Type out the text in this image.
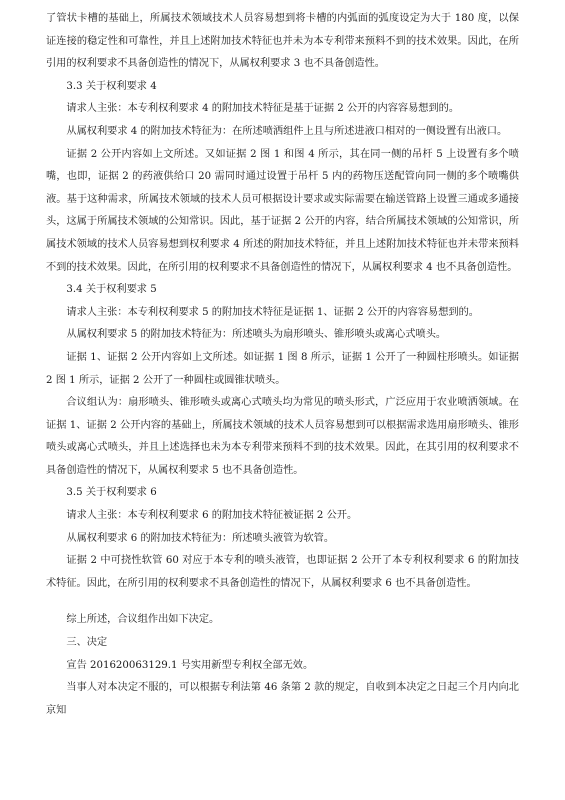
了管状卡槽的基础上，所属技术领域技术人员容易想到将卡槽的内弧面的弧度设定为大于 180 度，以保证连接的稳定性和可靠性，并且上述附加技术特征也并未为本专利带来预料不到的技术效果。因此，在所引用的权利要求不具备创造性的情况下，从属权利要求 3 也不具备创造性。

3.3 关于权利要求 4

请求人主张：本专利权利要求 4 的附加技术特征是基于证据 2 公开的内容容易想到的。

从属权利要求 4 的附加技术特征为：在所述喷洒组件上且与所述进液口相对的一侧设置有出液口。

证据 2 公开内容如上文所述。又如证据 2 图 1 和图 4 所示，其在同一侧的吊杆 5 上设置有多个喷嘴，也即，证据 2 的药液供给口 20 需同时通过设置于吊杆 5 内的药物压送配管向同一侧的多个喷嘴供液。基于这种需求，所属技术领域的技术人员可根据设计要求或实际需要在输送管路上设置三通或多通接头，这属于所属技术领域的公知常识。因此，基于证据 2 公开的内容，结合所属技术领域的公知常识，所属技术领域的技术人员容易想到权利要求 4 所述的附加技术特征，并且上述附加技术特征也并未带来预料不到的技术效果。因此，在所引用的权利要求不具备创造性的情况下，从属权利要求 4 也不具备创造性。

3.4 关于权利要求 5

请求人主张：本专利权利要求 5 的附加技术特征是证据 1、证据 2 公开的内容容易想到的。

从属权利要求 5 的附加技术特征为：所述喷头为扇形喷头、锥形喷头或离心式喷头。

证据 1、证据 2 公开内容如上文所述。如证据 1 图 8 所示，证据 1 公开了一种圆柱形喷头。如证据 2 图 1 所示，证据 2 公开了一种圆柱或圆锥状喷头。

合议组认为：扇形喷头、锥形喷头或离心式喷头均为常见的喷头形式，广泛应用于农业喷洒领域。在证据 1、证据 2 公开内容的基础上，所属技术领域的技术人员容易想到可以根据需求选用扇形喷头、锥形喷头或离心式喷头，并且上述选择也未为本专利带来预料不到的技术效果。因此，在其引用的权利要求不具备创造性的情况下，从属权利要求 5 也不具备创造性。

3.5 关于权利要求 6

请求人主张：本专利权利要求 6 的附加技术特征被证据 2 公开。

从属权利要求 6 的附加技术特征为：所述喷头液管为软管。

证据 2 中可挠性软管 60 对应于本专利的喷头液管，也即证据 2 公开了本专利权利要求 6 的附加技术特征。因此，在所引用的权利要求不具备创造性的情况下，从属权利要求 6 也不具备创造性。

综上所述，合议组作出如下决定。

三、决定

宣告 201620063129.1 号实用新型专利权全部无效。

当事人对本决定不服的，可以根据专利法第 46 条第 2 款的规定，自收到本决定之日起三个月内向北京知
